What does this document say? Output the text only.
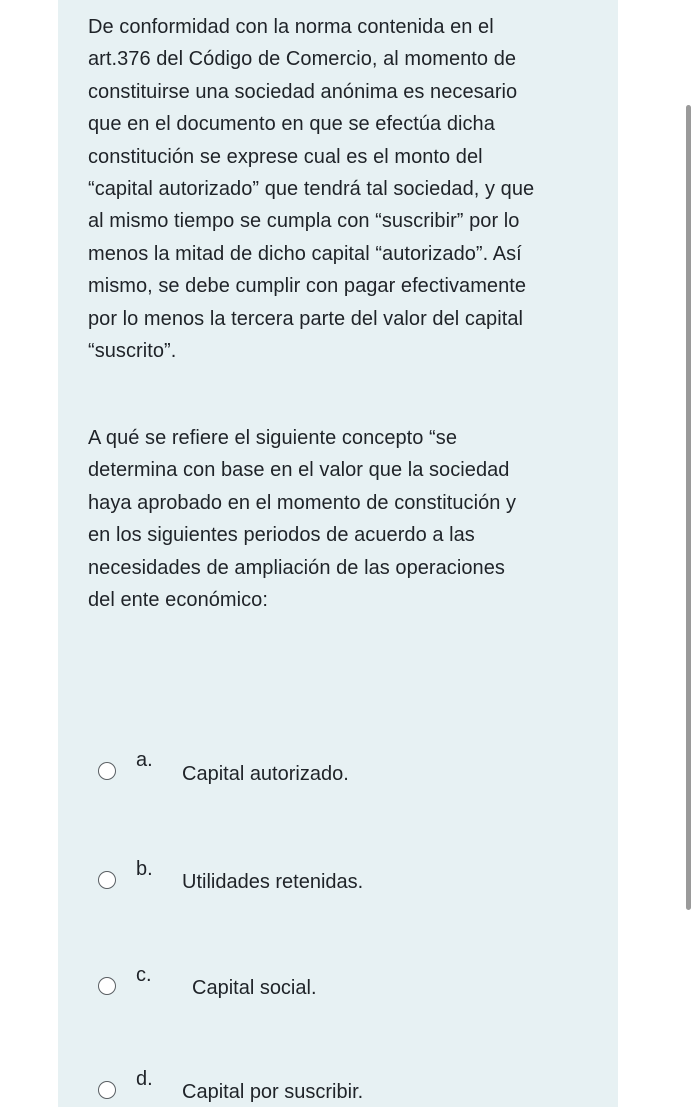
De conformidad con la norma contenida en el
art.376 del Código de Comercio, al momento de
constituirse una sociedad anónima es necesario
que en el documento en que se efectúa dicha
constitución se exprese cual es el monto del
“capital autorizado” que tendrá tal sociedad, y que
al mismo tiempo se cumpla con “suscribir” por lo
menos la mitad de dicho capital “autorizado”. Así
mismo, se debe cumplir con pagar efectivamente
por lo menos la tercera parte del valor del capital
“suscrito”.

A qué se refiere el siguiente concepto “se
determina con base en el valor que la sociedad
haya aprobado en el momento de constitución y
en los siguientes periodos de acuerdo a las
necesidades de ampliación de las operaciones
del ente económico:

a.
Capital autorizado.
b.
Utilidades retenidas.
c.
Capital social.
d.
Capital por suscribir.
